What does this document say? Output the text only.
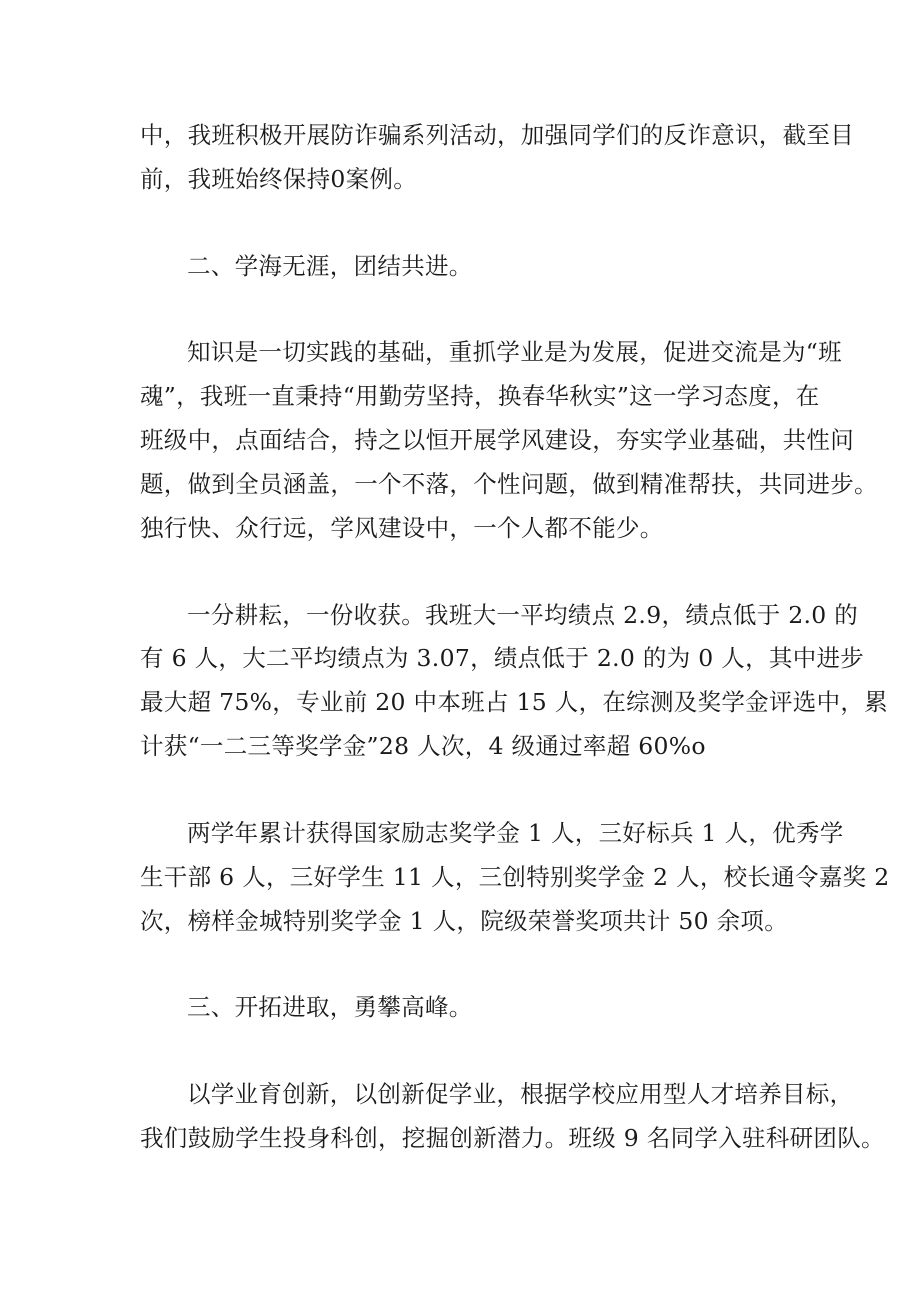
中，我班积极开展防诈骗系列活动，加强同学们的反诈意识，截至目
前，我班始终保持0案例。
二、学海无涯，团结共进。
知识是一切实践的基础，重抓学业是为发展，促进交流是为“班
魂”，我班一直秉持“用勤劳坚持，换春华秋实”这一学习态度，在
班级中，点面结合，持之以恒开展学风建设，夯实学业基础，共性问
题，做到全员涵盖，一个不落，个性问题，做到精准帮扶，共同进步。
独行快、众行远，学风建设中，一个人都不能少。
一分耕耘，一份收获。我班大一平均绩点 2.9，绩点低于 2.0 的
有 6 人，大二平均绩点为 3.07，绩点低于 2.0 的为 0 人，其中进步
最大超 75%，专业前 20 中本班占 15 人，在综测及奖学金评选中，累
计获“一二三等奖学金”28 人次，4 级通过率超 60%o
两学年累计获得国家励志奖学金 1 人，三好标兵 1 人，优秀学
生干部 6 人，三好学生 11 人，三创特别奖学金 2 人，校长通令嘉奖 2
次，榜样金城特别奖学金 1 人，院级荣誉奖项共计 50 余项。
三、开拓进取，勇攀高峰。
以学业育创新，以创新促学业，根据学校应用型人才培养目标，
我们鼓励学生投身科创，挖掘创新潜力。班级 9 名同学入驻科研团队。
